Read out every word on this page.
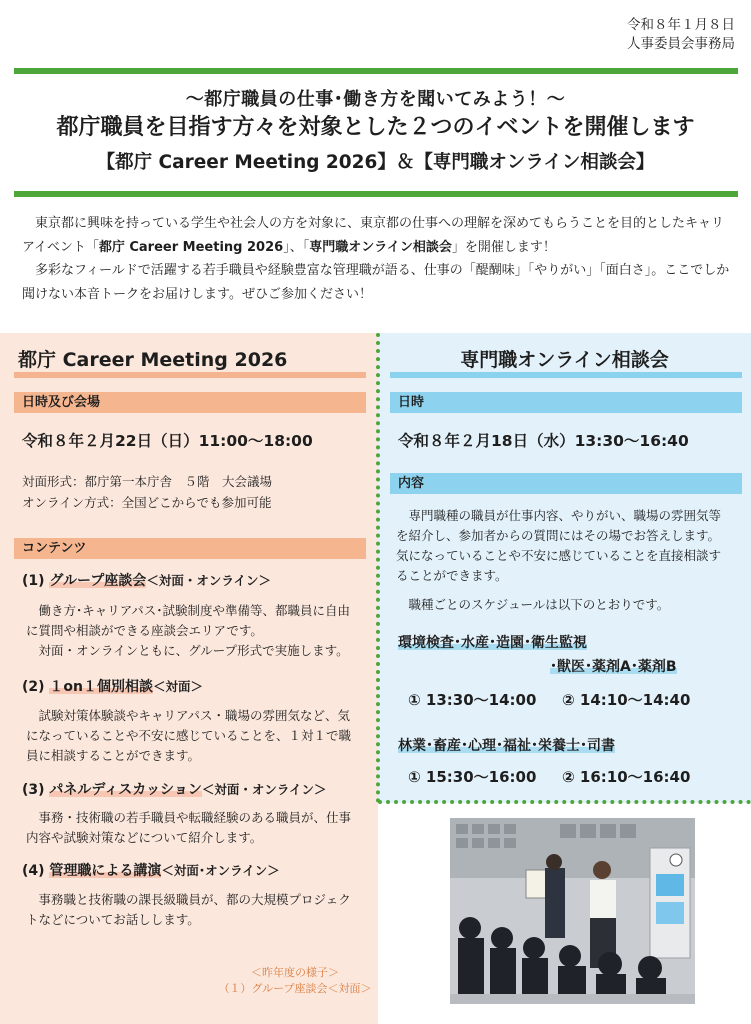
令和８年１月８日
人事委員会事務局
～都庁職員の仕事･働き方を聞いてみよう！～
都庁職員を目指す方々を対象とした２つのイベントを開催します
【都庁 Career Meeting 2026】＆【専門職オンライン相談会】

　東京都に興味を持っている学生や社会人の方を対象に、東京都の仕事への理解を深めてもらうことを目的としたキャリアイベント「都庁 Career Meeting 2026」、「専門職オンライン相談会」を開催します！

　多彩なフィールドで活躍する若手職員や経験豊富な管理職が語る、仕事の「醍醐味」「やりがい」「面白さ」。ここでしか聞けない本音トークをお届けします。ぜひご参加ください！

都庁 Career Meeting 2026
日時及び会場
令和８年２月22日（日）11:00～18:00
対面形式：都庁第一本庁舎　５階　大会議場
オンライン方式：全国どこからでも参加可能
コンテンツ
(1) グループ座談会＜対面・オンライン＞

働き方･キャリアパス･試験制度や準備等、都職員に自由に質問や相談ができる座談会エリアです。

対面・オンラインともに、グループ形式で実施します。

(2) １on１個別相談＜対面＞

試験対策体験談やキャリアパス・職場の雰囲気など、気になっていることや不安に感じていることを、１対１で職員に相談することができます。

(3) パネルディスカッション＜対面・オンライン＞

事務・技術職の若手職員や転職経験のある職員が、仕事内容や試験対策などについて紹介します。

(4) 管理職による講演＜対面･オンライン＞

事務職と技術職の課長級職員が、都の大規模プロジェクトなどについてお話しします。

＜昨年度の様子＞
（１）グループ座談会＜対面＞
専門職オンライン相談会
日時
令和８年２月18日（水）13:30～16:40
内容

専門職種の職員が仕事内容、やりがい、職場の雰囲気等を紹介し、参加者からの質問にはその場でお答えします。気になっていることや不安に感じていることを直接相談することができます。

職種ごとのスケジュールは以下のとおりです。

環境検査･水産･造園･衛生監視
･獣医･薬剤A･薬剤B
① 13:30～14:00 ② 14:10～14:40
林業･畜産･心理･福祉･栄養士･司書
① 15:30～16:00 ② 16:10～16:40
